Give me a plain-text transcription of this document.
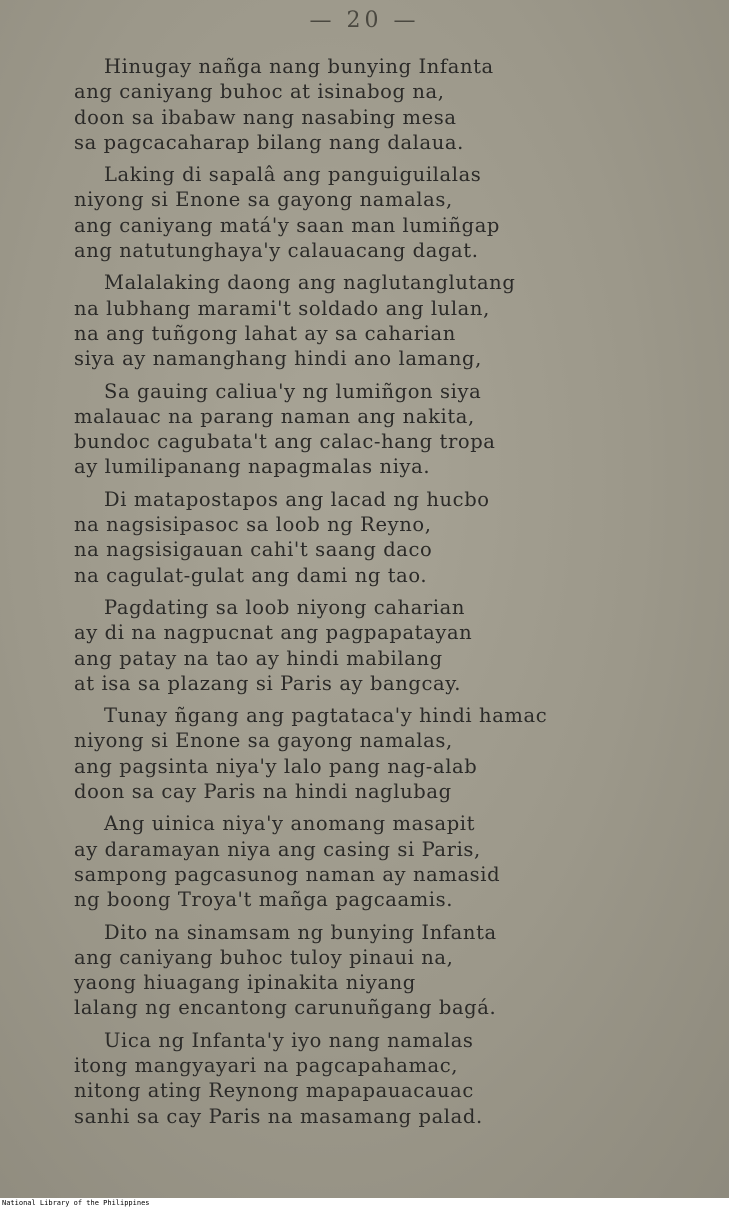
— 20 —
Hinugay nañga nang bunying Infanta
ang caniyang buhoc at isinabog na,
doon sa ibabaw nang nasabing mesa
sa pagcacaharap bilang nang dalaua.
Laking di sapalâ ang panguiguilalas
niyong si Enone sa gayong namalas,
ang caniyang matá'y saan man lumiñgap
ang natutunghaya'y calauacang dagat.
Malalaking daong ang naglutanglutang
na lubhang marami't soldado ang lulan,
na ang tuñgong lahat ay sa caharian
siya ay namanghang hindi ano lamang,
Sa gauing caliua'y ng lumiñgon siya
malauac na parang naman ang nakita,
bundoc cagubata't ang calac-hang tropa
ay lumilipanang napagmalas niya.
Di matapostapos ang lacad ng hucbo
na nagsisipasoc sa loob ng Reyno,
na nagsisigauan cahi't saang daco
na cagulat-gulat ang dami ng tao.
Pagdating sa loob niyong caharian
ay di na nagpucnat ang pagpapatayan
ang patay na tao ay hindi mabilang
at isa sa plazang si Paris ay bangcay.
Tunay ñgang ang pagtataca'y hindi hamac
niyong si Enone sa gayong namalas,
ang pagsinta niya'y lalo pang nag-alab
doon sa cay Paris na hindi naglubag
Ang uinica niya'y anomang masapit
ay daramayan niya ang casing si Paris,
sampong pagcasunog naman ay namasid
ng boong Troya't mañga pagcaamis.
Dito na sinamsam ng bunying Infanta
ang caniyang buhoc tuloy pinaui na,
yaong hiuagang ipinakita niyang
lalang ng encantong carunuñgang bagá.
Uica ng Infanta'y iyo nang namalas
itong mangyayari na pagcapahamac,
nitong ating Reynong mapapauacauac
sanhi sa cay Paris na masamang palad.
National Library of the Philippines
